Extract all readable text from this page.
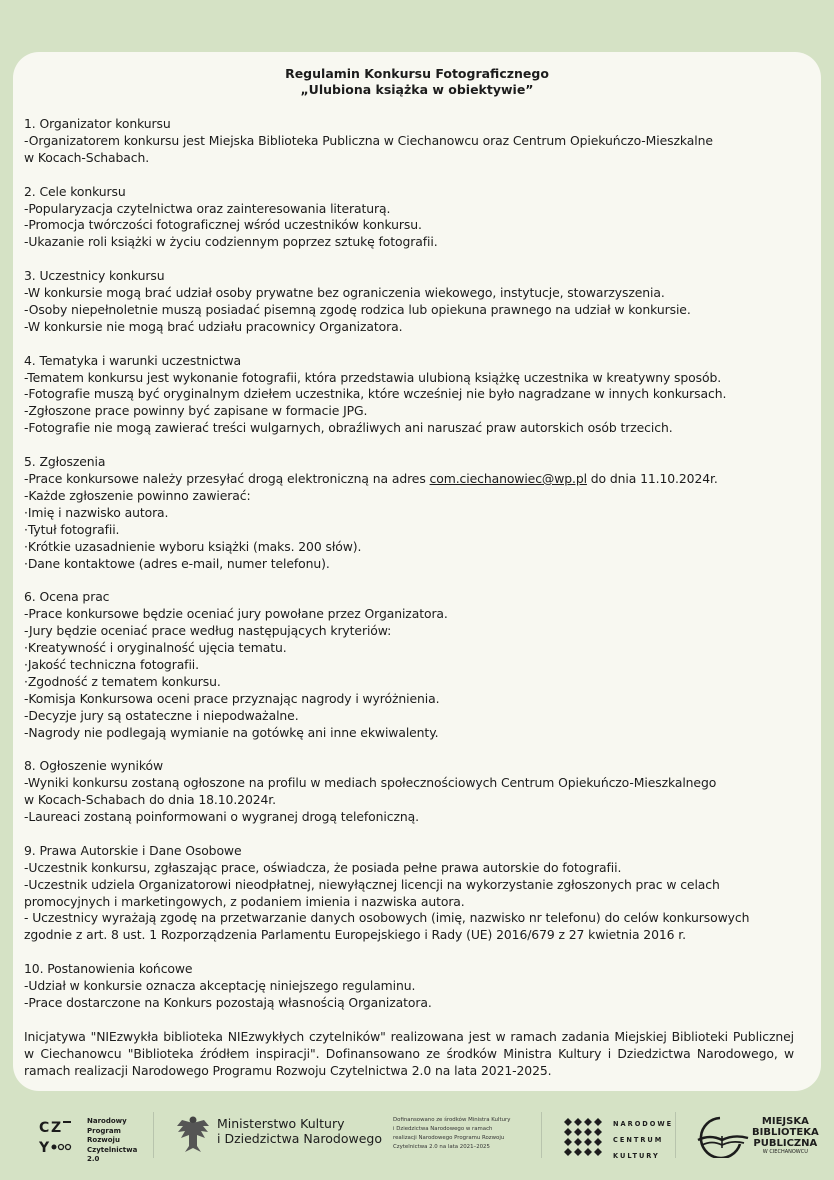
Regulamin Konkursu Fotograficznego
„Ulubiona książka w obiektywie”
1. Organizator konkursu
-Organizatorem konkursu jest Miejska Biblioteka Publiczna w Ciechanowcu oraz Centrum Opiekuńczo-Mieszkalne
w Kocach-Schabach.
2. Cele konkursu
-Popularyzacja czytelnictwa oraz zainteresowania literaturą.
-Promocja twórczości fotograficznej wśród uczestników konkursu.
-Ukazanie roli książki w życiu codziennym poprzez sztukę fotografii.
3. Uczestnicy konkursu
-W konkursie mogą brać udział osoby prywatne bez ograniczenia wiekowego, instytucje, stowarzyszenia.
-Osoby niepełnoletnie muszą posiadać pisemną zgodę rodzica lub opiekuna prawnego na udział w konkursie.
-W konkursie nie mogą brać udziału pracownicy Organizatora.
4. Tematyka i warunki uczestnictwa
-Tematem konkursu jest wykonanie fotografii, która przedstawia ulubioną książkę uczestnika w kreatywny sposób.
-Fotografie muszą być oryginalnym dziełem uczestnika, które wcześniej nie było nagradzane w innych konkursach.
-Zgłoszone prace powinny być zapisane w formacie JPG.
-Fotografie nie mogą zawierać treści wulgarnych, obraźliwych ani naruszać praw autorskich osób trzecich.
5. Zgłoszenia
-Prace konkursowe należy przesyłać drogą elektroniczną na adres com.ciechanowiec@wp.pl do dnia 11.10.2024r.
-Każde zgłoszenie powinno zawierać:
·Imię i nazwisko autora.
·Tytuł fotografii.
·Krótkie uzasadnienie wyboru książki (maks. 200 słów).
·Dane kontaktowe (adres e-mail, numer telefonu).
6. Ocena prac
-Prace konkursowe będzie oceniać jury powołane przez Organizatora.
-Jury będzie oceniać prace według następujących kryteriów:
·Kreatywność i oryginalność ujęcia tematu.
·Jakość techniczna fotografii.
·Zgodność z tematem konkursu.
-Komisja Konkursowa oceni prace przyznając nagrody i wyróżnienia.
-Decyzje jury są ostateczne i niepodważalne.
-Nagrody nie podlegają wymianie na gotówkę ani inne ekwiwalenty.
8. Ogłoszenie wyników
-Wyniki konkursu zostaną ogłoszone na profilu w mediach społecznościowych Centrum Opiekuńczo-Mieszkalnego
w Kocach-Schabach do dnia 18.10.2024r.
-Laureaci zostaną poinformowani o wygranej drogą telefoniczną.
9. Prawa Autorskie i Dane Osobowe
-Uczestnik konkursu, zgłaszając prace, oświadcza, że posiada pełne prawa autorskie do fotografii.
-Uczestnik udziela Organizatorowi nieodpłatnej, niewyłącznej licencji na wykorzystanie zgłoszonych prac w celach
promocyjnych i marketingowych, z podaniem imienia i nazwiska autora.
- Uczestnicy wyrażają zgodę na przetwarzanie danych osobowych (imię, nazwisko nr telefonu) do celów konkursowych
zgodnie z art. 8 ust. 1 Rozporządzenia Parlamentu Europejskiego i Rady (UE) 2016/679 z 27 kwietnia 2016 r.
10. Postanowienia końcowe
-Udział w konkursie oznacza akceptację niniejszego regulaminu.
-Prace dostarczone na Konkurs pozostają własnością Organizatora.
Inicjatywa "NIEzwykła biblioteka NIEzwykłych czytelników" realizowana jest w ramach zadania Miejskiej Biblioteki Publicznej w Ciechanowcu "Biblioteka źródłem inspiracji". Dofinansowano ze środków Ministra Kultury i Dziedzictwa Narodowego, w ramach realizacji Narodowego Programu Rozwoju Czytelnictwa 2.0 na lata 2021-2025.
C Z
Y
Narodowy
Program
Rozwoju
Czytelnictwa
2.0
Ministerstwo Kultury
i Dziedzictwa Narodowego
Dofinansowano ze środków Ministra Kultury
i Dziedzictwa Narodowego w ramach
realizacji Narodowego Programu Rozwoju
Czytelnictwa 2.0 na lata 2021–2025
NARODOWE
CENTRUM
KULTURY
MIEJSKA
BIBLIOTEKA
PUBLICZNA
W CIECHANOWCU
